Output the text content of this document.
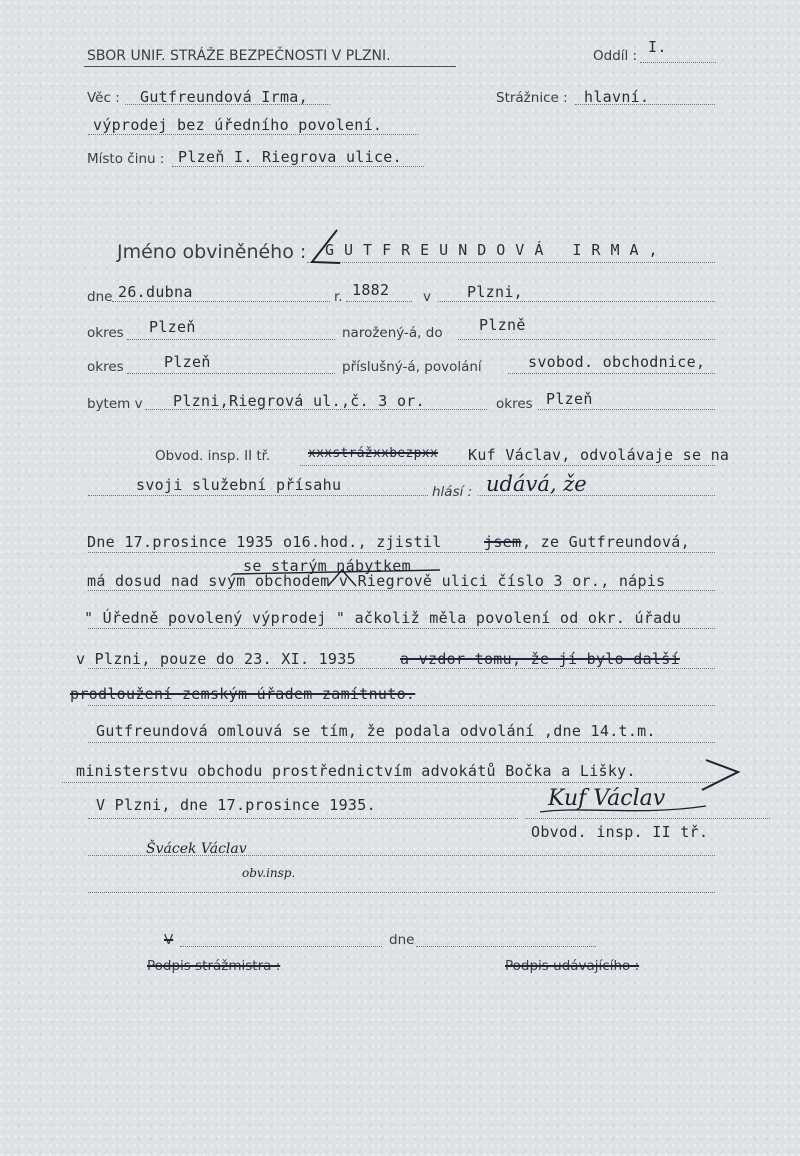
SBOR UNIF. STRÁŽE BEZPEČNOSTI V PLZNI.	Oddíl : I.
Věc : Gutfreundová Irma,	Strážnice : hlavní.
výprodej bez úředního povolení.
Místo činu : Plzeň I. Riegrova ulice.
Jméno obviněného : GUTFREUNDOVÁ IRMA,
dne 26.dubna	r. 1882 v Plzni,
okres Plzeň	narožený-á, do Plzně
okres	Plzeň	příslušný-á, povolání	svobod. obchodnice,
bytem v Plzni,Riegrová ul.,č. 3 or.	okres Plzeň
Obvod. insp. II tř.	xxxstrážxxbezpxx Kuf Václav, odvolávaje se na
svoji služební přísahu	hlásí : udává, že
se starým nábytkem
Dne 17.prosince 1935 o16.hod., zjistil	jsem , ze Gutfreundová,
má dosud nad svým obchodem v Riegrově ulici číslo 3 or., nápis
" Úředně povolený výprodej " ačkoliž měla povolení od okr. úřadu
v Plzni, pouze do 23. XI. 1935	a vzdor tomu, že jí bylo další
prodloužení zemským úřadem zamítnuto.
Gutfreundová omlouvá se tím, že podala odvolání ,dne 14.t.m.
ministerstvu obchodu prostřednictvím advokátů Bočka a Lišky.
V Plzni, dne 17.prosince 1935.	Kuf Václav
Obvod. insp. II tř.
Švácek Václav
obv.insp.
V	dne
Podpis strážmistra :	Podpis udávajícího :
